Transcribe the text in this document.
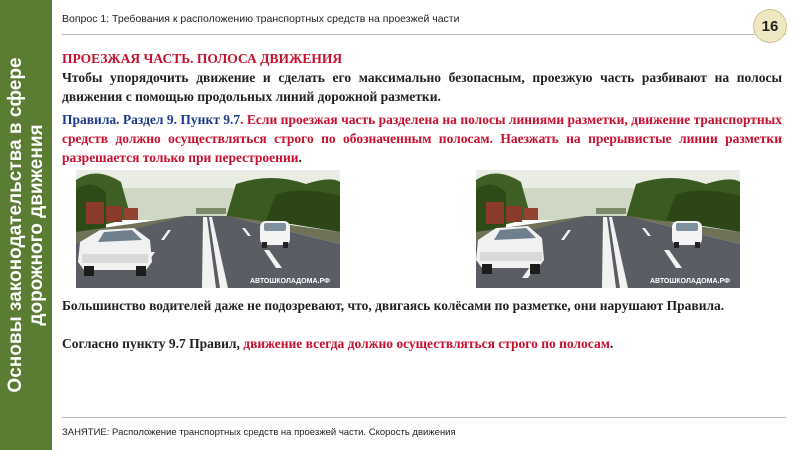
Основы законодательства в сфере дорожного движения
Вопрос 1: Требования к расположению транспортных средств на проезжей части	16
ПРОЕЗЖАЯ ЧАСТЬ. ПОЛОСА ДВИЖЕНИЯ
Чтобы упорядочить движение и сделать его максимально безопасным, проезжую часть разбивают на полосы движения с помощью продольных линий дорожной разметки.
Правила. Раздел 9. Пункт 9.7. Если проезжая часть разделена на полосы линиями разметки, движение транспортных средств должно осуществляться строго по обозначенным полосам. Наезжать на прерывистые линии разметки разрешается только при перестроении.
АВТОШКОЛАДОМА.РФ	АВТОШКОЛАДОМА.РФ
Большинство водителей даже не подозревают, что, двигаясь колёсами по разметке, они нарушают Правила.
Согласно пункту 9.7 Правил, движение всегда должно осуществляться строго по полосам.
ЗАНЯТИЕ: Расположение транспортных средств на проезжей части. Скорость движения
